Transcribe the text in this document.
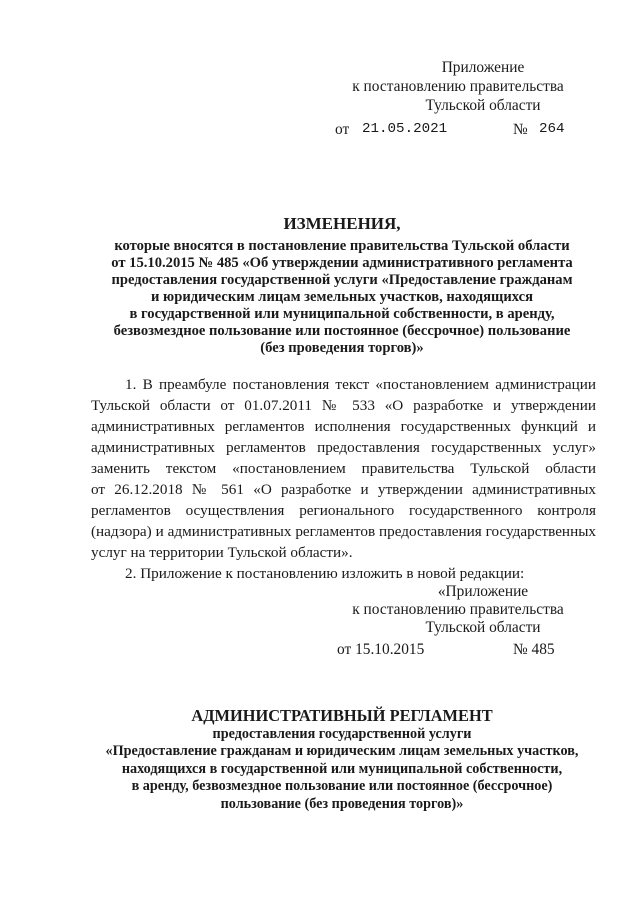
Приложение
к постановлению правительства
Тульской области
от 21.05.2021	№ 264
ИЗМЕНЕНИЯ,
которые вносятся в постановление правительства Тульской области
от 15.10.2015 № 485 «Об утверждении административного регламента
предоставления государственной услуги «Предоставление гражданам
и юридическим лицам земельных участков, находящихся
в государственной или муниципальной собственности, в аренду,
безвозмездное пользование или постоянное (бессрочное) пользование
(без проведения торгов)»
1. В преамбуле постановления текст «постановлением администрации
Тульской области от 01.07.2011 № 533 «О разработке и утверждении
административных регламентов исполнения государственных функций и
административных регламентов предоставления государственных услуг»
заменить текстом «постановлением правительства Тульской области
от 26.12.2018 № 561 «О разработке и утверждении административных
регламентов осуществления регионального государственного контроля
(надзора) и административных регламентов предоставления государственных
услуг на территории Тульской области».
2. Приложение к постановлению изложить в новой редакции:
«Приложение
к постановлению правительства
Тульской области
от 15.10.2015	№ 485
АДМИНИСТРАТИВНЫЙ РЕГЛАМЕНТ
предоставления государственной услуги
«Предоставление гражданам и юридическим лицам земельных участков,
находящихся в государственной или муниципальной собственности,
в аренду, безвозмездное пользование или постоянное (бессрочное)
пользование (без проведения торгов)»
